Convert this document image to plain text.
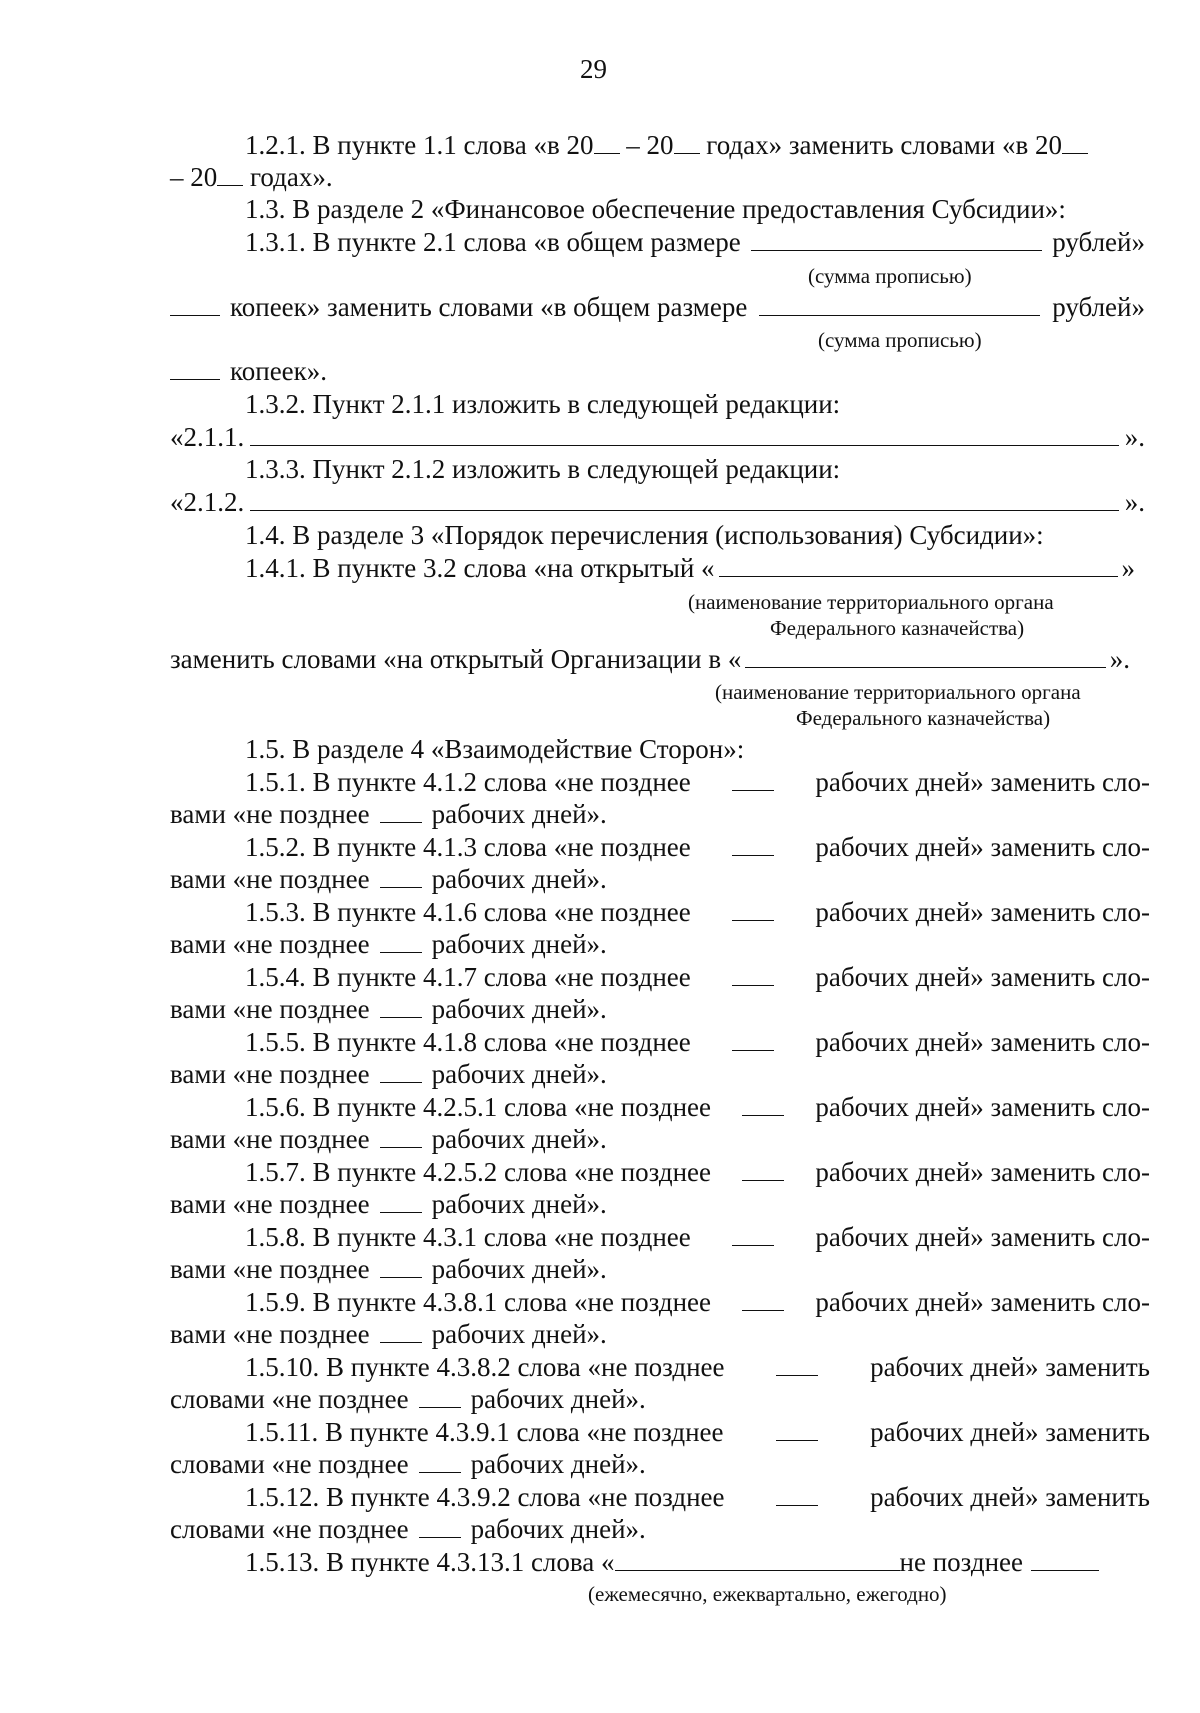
29
1.2.1. В пункте 1.1 слова «в 20 – 20 годах» заменить словами «в 20
– 20 годах».
1.3. В разделе 2 «Финансовое обеспечение предоставления Субсидии»:
1.3.1. В пункте 2.1 слова «в общем размере	рублей»
(сумма прописью)
копеек» заменить словами «в общем размере	рублей»
(сумма прописью)
копеек».
1.3.2. Пункт 2.1.1 изложить в следующей редакции:
«2.1.1.	».
1.3.3. Пункт 2.1.2 изложить в следующей редакции:
«2.1.2.	».
1.4. В разделе 3 «Порядок перечисления (использования) Субсидии»:
1.4.1. В пункте 3.2 слова «на открытый «	»
(наименование территориального органа
Федерального казначейства)
заменить словами «на открытый Организации в «	».
(наименование территориального органа
Федерального казначейства)
1.5. В разделе 4 «Взаимодействие Сторон»:
1.5.1. В пункте 4.1.2 слова «не позднее	рабочих дней» заменить сло-
вами «не позднее рабочих дней».
1.5.2. В пункте 4.1.3 слова «не позднее	рабочих дней» заменить сло-
вами «не позднее рабочих дней».
1.5.3. В пункте 4.1.6 слова «не позднее	рабочих дней» заменить сло-
вами «не позднее рабочих дней».
1.5.4. В пункте 4.1.7 слова «не позднее	рабочих дней» заменить сло-
вами «не позднее рабочих дней».
1.5.5. В пункте 4.1.8 слова «не позднее	рабочих дней» заменить сло-
вами «не позднее рабочих дней».
1.5.6. В пункте 4.2.5.1 слова «не позднее	рабочих дней» заменить сло-
вами «не позднее рабочих дней».
1.5.7. В пункте 4.2.5.2 слова «не позднее	рабочих дней» заменить сло-
вами «не позднее рабочих дней».
1.5.8. В пункте 4.3.1 слова «не позднее	рабочих дней» заменить сло-
вами «не позднее рабочих дней».
1.5.9. В пункте 4.3.8.1 слова «не позднее	рабочих дней» заменить сло-
вами «не позднее рабочих дней».
1.5.10. В пункте 4.3.8.2 слова «не позднее	рабочих дней» заменить
словами «не позднее рабочих дней».
1.5.11. В пункте 4.3.9.1 слова «не позднее	рабочих дней» заменить
словами «не позднее рабочих дней».
1.5.12. В пункте 4.3.9.2 слова «не позднее	рабочих дней» заменить
словами «не позднее рабочих дней».
1.5.13. В пункте 4.3.13.1 слова «	не позднее
(ежемесячно, ежеквартально, ежегодно)
